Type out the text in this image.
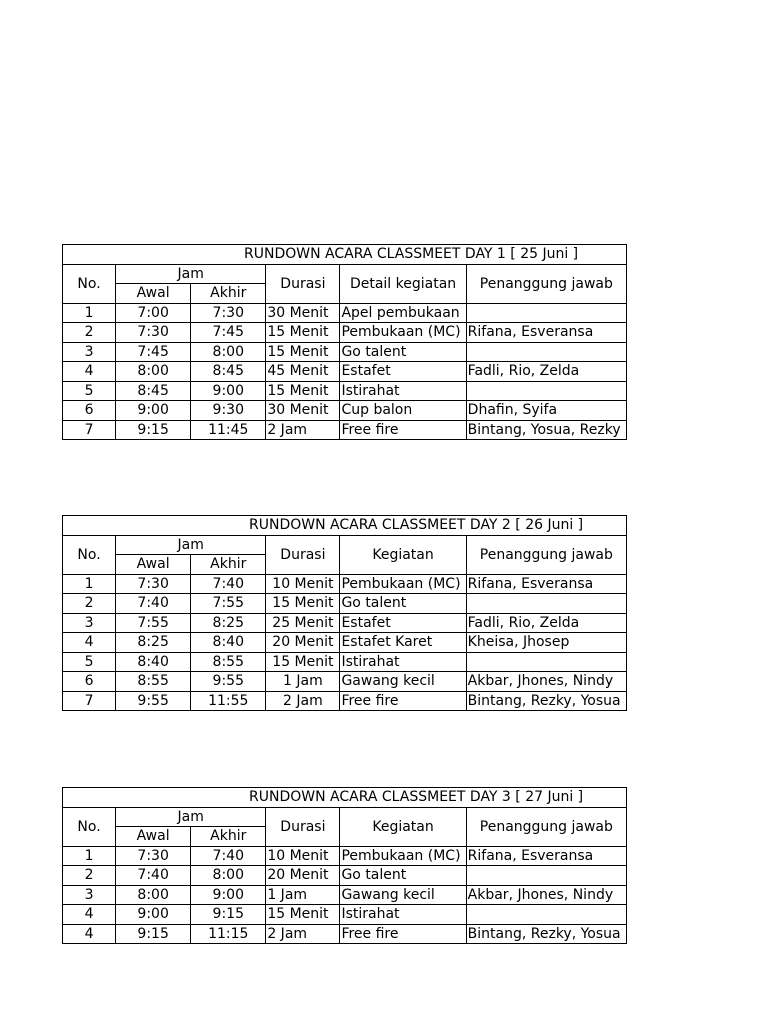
RUNDOWN ACARA CLASSMEET DAY 1 [ 25 Juni ]					
No.	Jam		Durasi	Detail kegiatan	Penanggung jawab
	Awal	Akhir			
1	7:00	7:30	30 Menit	Apel pembukaan	
2	7:30	7:45	15 Menit	Pembukaan (MC)	Rifana, Esveransa
3	7:45	8:00	15 Menit	Go talent	
4	8:00	8:45	45 Menit	Estafet	Fadli, Rio, Zelda
5	8:45	9:00	15 Menit	Istirahat	
6	9:00	9:30	30 Menit	Cup balon	Dhafin, Syifa
7	9:15	11:45	2 Jam	Free fire	Bintang, Yosua, Rezky
RUNDOWN ACARA CLASSMEET DAY 2 [ 26 Juni ]					
No.	Jam		Durasi	Kegiatan	Penanggung jawab
	Awal	Akhir			
1	7:30	7:40	10 Menit	Pembukaan (MC)	Rifana, Esveransa
2	7:40	7:55	15 Menit	Go talent	
3	7:55	8:25	25 Menit	Estafet	Fadli, Rio, Zelda
4	8:25	8:40	20 Menit	Estafet Karet	Kheisa, Jhosep
5	8:40	8:55	15 Menit	Istirahat	
6	8:55	9:55	1 Jam	Gawang kecil	Akbar, Jhones, Nindy
7	9:55	11:55	2 Jam	Free fire	Bintang, Rezky, Yosua
RUNDOWN ACARA CLASSMEET DAY 3 [ 27 Juni ]					
No.	Jam		Durasi	Kegiatan	Penanggung jawab
	Awal	Akhir			
1	7:30	7:40	10 Menit	Pembukaan (MC)	Rifana, Esveransa
2	7:40	8:00	20 Menit	Go talent	
3	8:00	9:00	1 Jam	Gawang kecil	Akbar, Jhones, Nindy
4	9:00	9:15	15 Menit	Istirahat	
4	9:15	11:15	2 Jam	Free fire	Bintang, Rezky, Yosua
